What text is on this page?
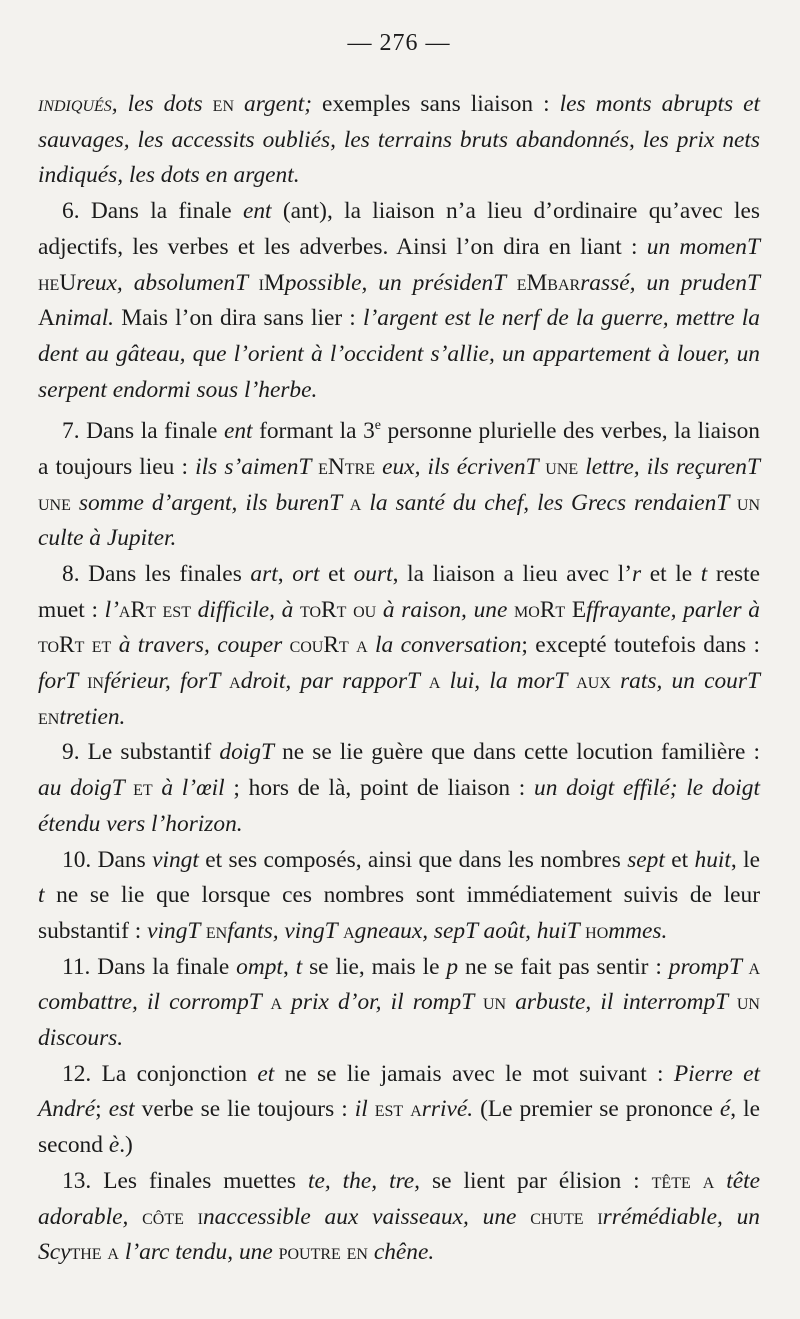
— 276 —

indiqués, les dots en argent; exemples sans liaison : les monts abrupts et sauvages, les accessits oubliés, les terrains bruts abandonnés, les prix nets indiqués, les dots en argent.

6. Dans la finale ent (ant), la liaison n’a lieu d’ordinaire qu’avec les adjectifs, les verbes et les adverbes. Ainsi l’on dira en liant : un momenT heUreux, absolumenT iMpossible, un présidenT eMbarrassé, un prudenT Animal. Mais l’on dira sans lier : l’argent est le nerf de la guerre, mettre la dent au gâteau, que l’orient à l’occident s’allie, un appartement à louer, un serpent endormi sous l’herbe.

7. Dans la finale ent formant la 3e personne plurielle des verbes, la liaison a toujours lieu : ils s’aimenT eNtre eux, ils écrivenT une lettre, ils reçurenT une somme d’argent, ils burenT a la santé du chef, les Grecs rendaienT un culte à Jupiter.

8. Dans les finales art, ort et ourt, la liaison a lieu avec l’r et le t reste muet : l’aRt est difficile, à toRt ou à raison, une moRt Effrayante, parler à toRt et à travers, couper couRt a la conversation; excepté toutefois dans : forT inférieur, forT adroit, par rapporT a lui, la morT aux rats, un courT entretien.

9. Le substantif doigT ne se lie guère que dans cette locution familière : au doigT et à l’œil ; hors de là, point de liaison : un doigt effilé; le doigt étendu vers l’horizon.

10. Dans vingt et ses composés, ainsi que dans les nombres sept et huit, le t ne se lie que lorsque ces nombres sont immédiatement suivis de leur substantif : vingT enfants, vingT agneaux, sepT août, huiT hommes.

11. Dans la finale ompt, t se lie, mais le p ne se fait pas sentir : prompT a combattre, il corrompT a prix d’or, il rompT un arbuste, il interrompT un discours.

12. La conjonction et ne se lie jamais avec le mot suivant : Pierre et André; est verbe se lie toujours : il est arrivé. (Le premier se prononce é, le second è.)

13. Les finales muettes te, the, tre, se lient par élision : tête a tête adorable, côte inaccessible aux vaisseaux, une chute irrémédiable, un Scythe a l’arc tendu, une poutre en chêne.
